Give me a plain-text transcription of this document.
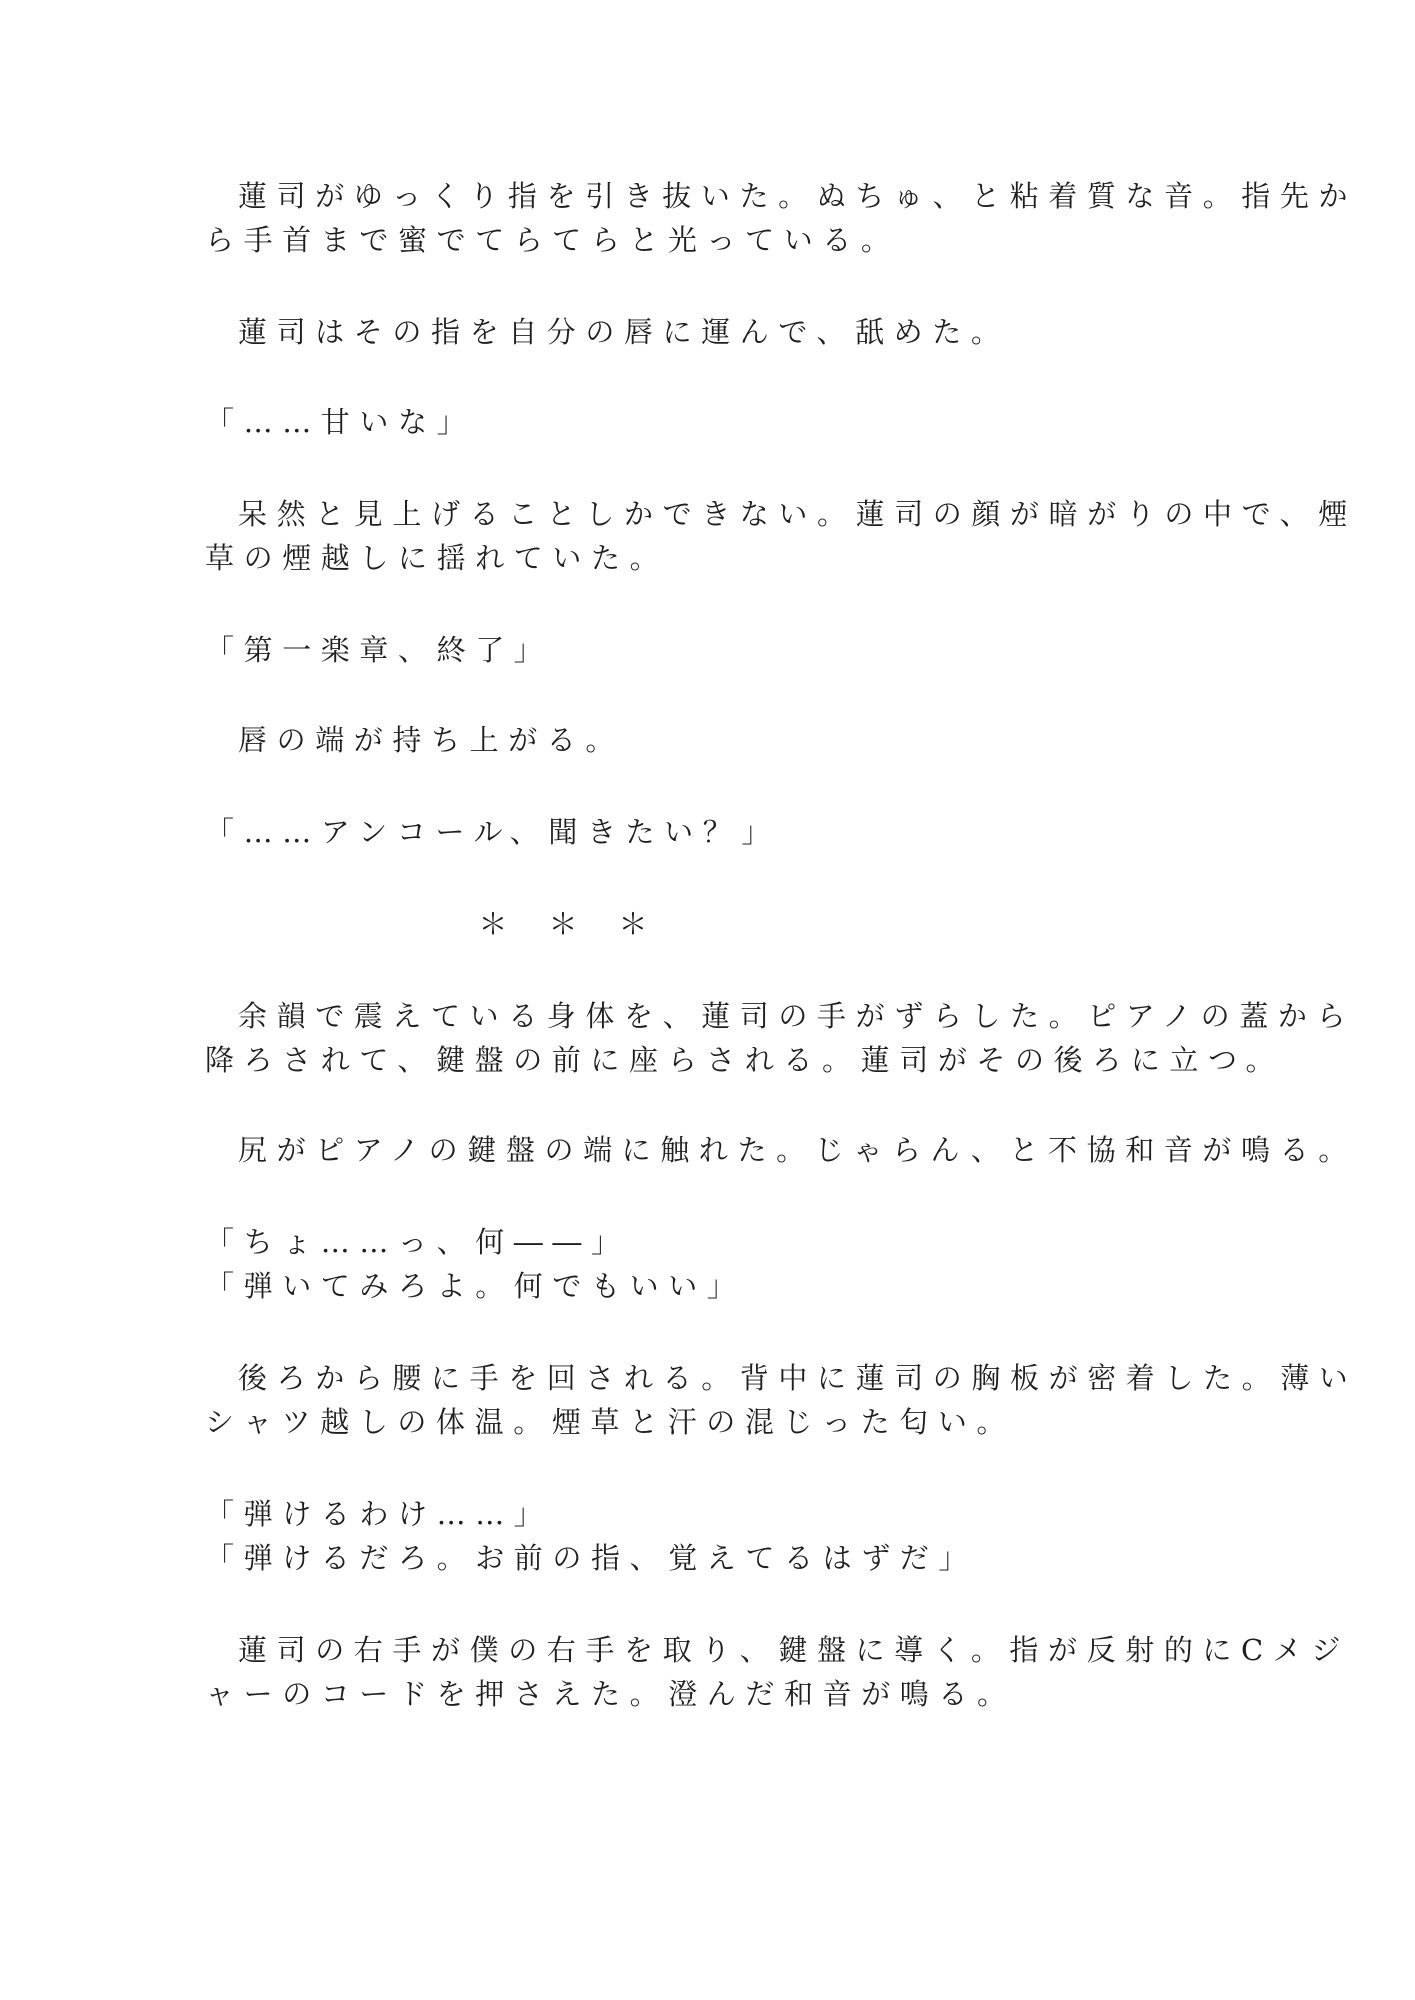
蓮司がゆっくり指を引き抜いた。ぬちゅ、と粘着質な音。指先か
ら手首まで蜜でてらてらと光っている。
蓮司はその指を自分の唇に運んで、舐めた。
「……甘いな」
呆然と見上げることしかできない。蓮司の顔が暗がりの中で、煙
草の煙越しに揺れていた。
「第一楽章、終了」
唇の端が持ち上がる。
「……アンコール、聞きたい？」
＊ ＊ ＊
余韻で震えている身体を、蓮司の手がずらした。ピアノの蓋から
降ろされて、鍵盤の前に座らされる。蓮司がその後ろに立つ。
尻がピアノの鍵盤の端に触れた。じゃらん、と不協和音が鳴る。
「ちょ……っ、何――」
「弾いてみろよ。何でもいい」
後ろから腰に手を回される。背中に蓮司の胸板が密着した。薄い
シャツ越しの体温。煙草と汗の混じった匂い。
「弾けるわけ……」
「弾けるだろ。お前の指、覚えてるはずだ」
蓮司の右手が僕の右手を取り、鍵盤に導く。指が反射的にCメジ
ャーのコードを押さえた。澄んだ和音が鳴る。
